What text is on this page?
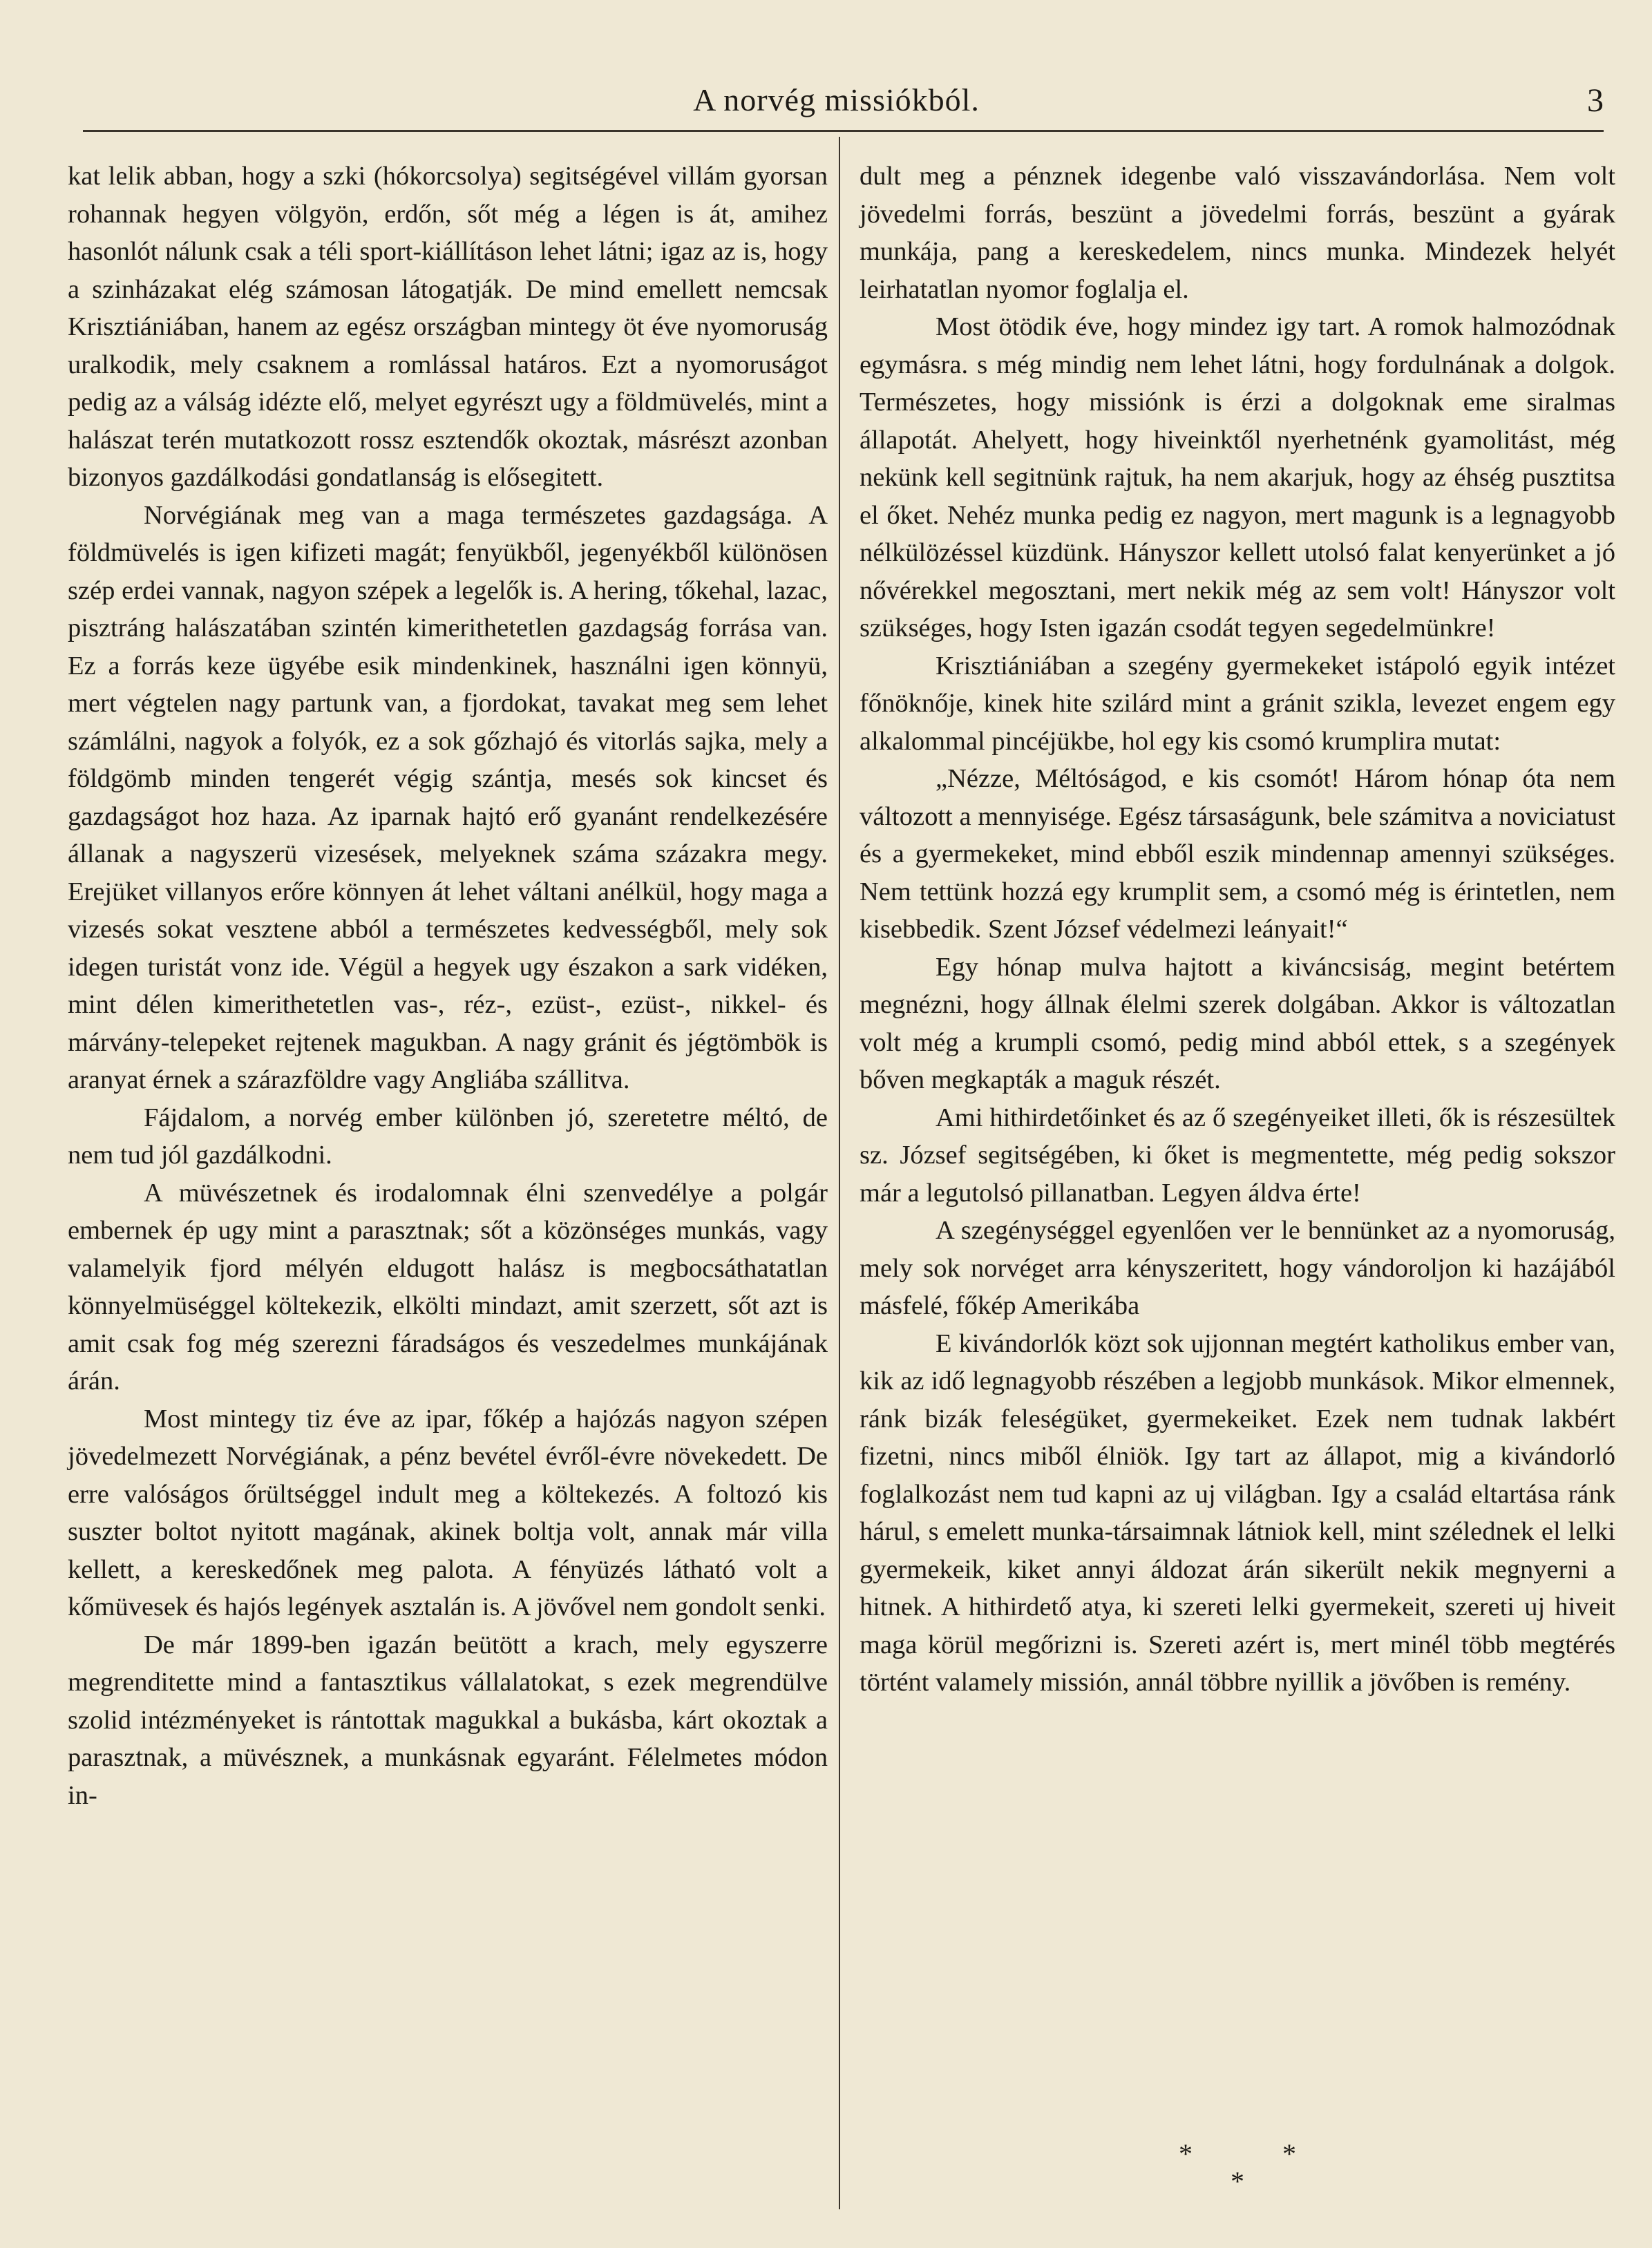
A norvég missiókból.	3

kat lelik abban, hogy a szki (hókorcsolya) segitségével villám gyorsan rohannak hegyen völgyön, erdőn, sőt még a légen is át, amihez hasonlót nálunk csak a téli sport-kiállításon lehet látni; igaz az is, hogy a szinházakat elég számosan látogatják. De mind emellett nemcsak Krisztiániában, hanem az egész országban mintegy öt éve nyomoruság uralkodik, mely csaknem a romlással határos. Ezt a nyomoruságot pedig az a válság idézte elő, melyet egyrészt ugy a földmüvelés, mint a halászat terén mutatkozott rossz esztendők okoztak, másrészt azonban bizonyos gazdálkodási gondatlanság is elősegitett.

Norvégiának meg van a maga természetes gazdagsága. A földmüvelés is igen kifizeti magát; fenyükből, jegenyékből különösen szép erdei vannak, nagyon szépek a legelők is. A hering, tőkehal, lazac, pisztráng halászatában szintén kimerithetetlen gazdagság forrása van. Ez a forrás keze ügyébe esik mindenkinek, használni igen könnyü, mert végtelen nagy partunk van, a fjordokat, tavakat meg sem lehet számlálni, nagyok a folyók, ez a sok gőzhajó és vitorlás sajka, mely a földgömb minden tengerét végig szántja, mesés sok kincset és gazdagságot hoz haza. Az iparnak hajtó erő gyanánt rendelkezésére állanak a nagyszerü vizesések, melyeknek száma százakra megy. Erejüket villanyos erőre könnyen át lehet váltani anélkül, hogy maga a vizesés sokat vesztene abból a természetes kedvességből, mely sok idegen turistát vonz ide. Végül a hegyek ugy északon a sark vidéken, mint délen kimerithetetlen vas-, réz-, ezüst-, ezüst-, nikkel- és márvány-telepeket rejtenek magukban. A nagy gránit és jégtömbök is aranyat érnek a szárazföldre vagy Angliába szállitva.

Fájdalom, a norvég ember különben jó, szeretetre méltó, de nem tud jól gazdálkodni.

A müvészetnek és irodalomnak élni szenvedélye a polgár embernek ép ugy mint a parasztnak; sőt a közönséges munkás, vagy valamelyik fjord mélyén eldugott halász is megbocsáthatatlan könnyelmüséggel költekezik, elkölti mindazt, amit szerzett, sőt azt is amit csak fog még szerezni fáradságos és veszedelmes munkájának árán.

Most mintegy tiz éve az ipar, főkép a hajózás nagyon szépen jövedelmezett Norvégiának, a pénz bevétel évről-évre növekedett. De erre valóságos őrültséggel indult meg a költekezés. A foltozó kis suszter boltot nyitott magának, akinek boltja volt, annak már villa kellett, a kereskedőnek meg palota. A fényüzés látható volt a kőmüvesek és hajós legények asztalán is. A jövővel nem gondolt senki.

De már 1899-ben igazán beütött a krach, mely egyszerre megrenditette mind a fantasztikus vállalatokat, s ezek megrendülve szolid intézményeket is rántottak magukkal a bukásba, kárt okoztak a parasztnak, a müvésznek, a munkásnak egyaránt. Félelmetes módon in-

dult meg a pénznek idegenbe való visszavándorlása. Nem volt jövedelmi forrás, beszünt a jövedelmi forrás, beszünt a gyárak munkája, pang a kereskedelem, nincs munka. Mindezek helyét leirhatatlan nyomor foglalja el.

Most ötödik éve, hogy mindez igy tart. A romok halmozódnak egymásra. s még mindig nem lehet látni, hogy fordulnának a dolgok. Természetes, hogy missiónk is érzi a dolgoknak eme siralmas állapotát. Ahelyett, hogy hiveinktől nyerhetnénk gyamolitást, még nekünk kell segitnünk rajtuk, ha nem akarjuk, hogy az éhség pusztitsa el őket. Nehéz munka pedig ez nagyon, mert magunk is a legnagyobb nélkülözéssel küzdünk. Hányszor kellett utolsó falat kenyerünket a jó nővérekkel megosztani, mert nekik még az sem volt! Hányszor volt szükséges, hogy Isten igazán csodát tegyen segedelmünkre!

Krisztiániában a szegény gyermekeket istápoló egyik intézet főnöknője, kinek hite szilárd mint a gránit szikla, levezet engem egy alkalommal pincéjükbe, hol egy kis csomó krumplira mutat:

„Nézze, Méltóságod, e kis csomót! Három hónap óta nem változott a mennyisége. Egész társaságunk, bele számitva a noviciatust és a gyermekeket, mind ebből eszik mindennap amennyi szükséges. Nem tettünk hozzá egy krumplit sem, a csomó még is érintetlen, nem kisebbedik. Szent József védelmezi leányait!“

Egy hónap mulva hajtott a kiváncsiság, megint betértem megnézni, hogy állnak élelmi szerek dolgában. Akkor is változatlan volt még a krumpli csomó, pedig mind abból ettek, s a szegények bőven megkapták a maguk részét.

Ami hithirdetőinket és az ő szegényeiket illeti, ők is részesültek sz. József segitségében, ki őket is megmentette, még pedig sokszor már a legutolsó pillanatban. Legyen áldva érte!

A szegénységgel egyenlően ver le bennünket az a nyomoruság, mely sok norvéget arra kényszeritett, hogy vándoroljon ki hazájából másfelé, főkép Amerikába

E kivándorlók közt sok ujjonnan megtért katholikus ember van, kik az idő legnagyobb részében a legjobb munkások. Mikor elmennek, ránk bizák feleségüket, gyermekeiket. Ezek nem tudnak lakbért fizetni, nincs miből élniök. Igy tart az állapot, mig a kivándorló foglalkozást nem tud kapni az uj világban. Igy a család eltartása ránk hárul, s emelett munka-társaimnak látniok kell, mint szélednek el lelki gyermekeik, kiket annyi áldozat árán sikerült nekik megnyerni a hitnek. A hithirdető atya, ki szereti lelki gyermekeit, szereti uj hiveit maga körül megőrizni is. Szereti azért is, mert minél több megtérés történt valamely missión, annál többre nyillik a jövőben is remény.

* *
*
